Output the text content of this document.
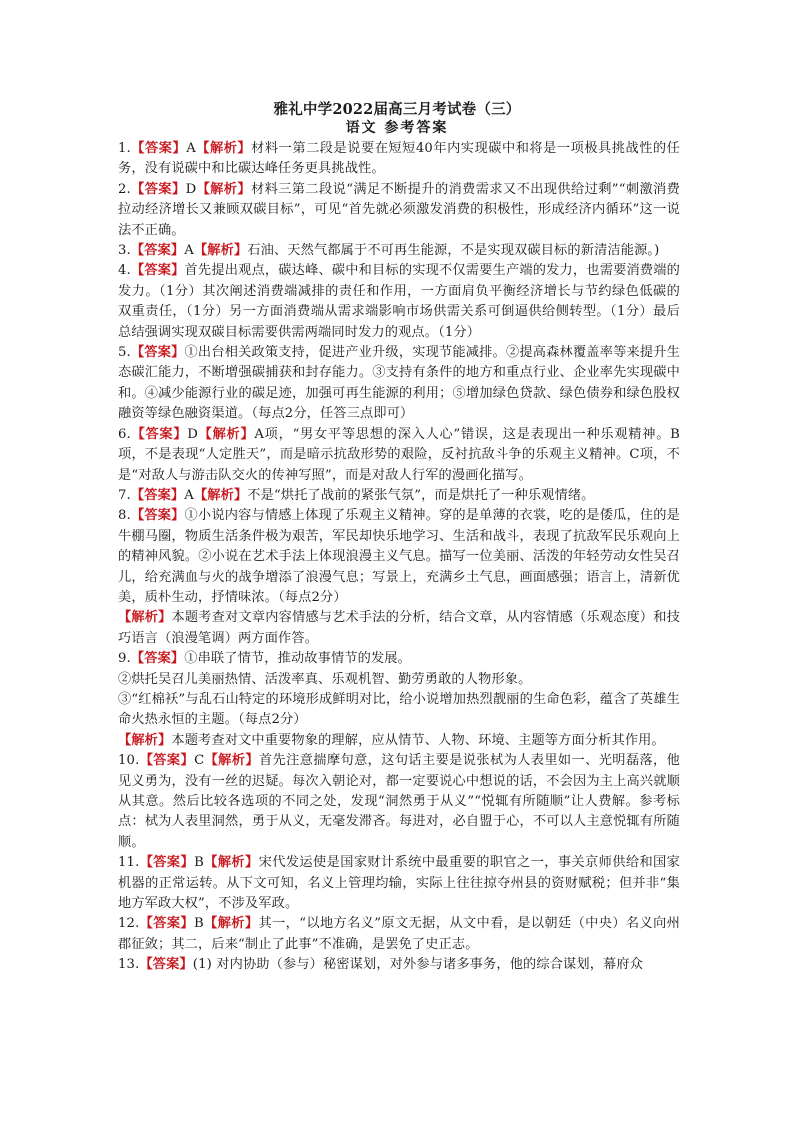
雅礼中学2022届高三月考试卷（三）
语文 参考答案

1.【答案】A【解析】材料一第二段是说要在短短40年内实现碳中和将是一项极具挑战性的任务，没有说碳中和比碳达峰任务更具挑战性。

2.【答案】D【解析】材料三第二段说“满足不断提升的消费需求又不出现供给过剩”“刺激消费拉动经济增长又兼顾双碳目标”，可见“首先就必须激发消费的积极性，形成经济内循环”这一说法不正确。

3.【答案】A【解析】石油、天然气都属于不可再生能源，不是实现双碳目标的新清洁能源。)

4.【答案】首先提出观点，碳达峰、碳中和目标的实现不仅需要生产端的发力，也需要消费端的发力。（1分）其次阐述消费端减排的责任和作用，一方面肩负平衡经济增长与节约绿色低碳的双重责任，（1分）另一方面消费端从需求端影响市场供需关系可倒逼供给侧转型。（1分）最后总结强调实现双碳目标需要供需两端同时发力的观点。（1分）

5.【答案】①出台相关政策支持，促进产业升级，实现节能减排。②提高森林覆盖率等来提升生态碳汇能力，不断增强碳捕获和封存能力。③支持有条件的地方和重点行业、企业率先实现碳中和。④减少能源行业的碳足迹，加强可再生能源的利用；⑤增加绿色贷款、绿色债券和绿色股权融资等绿色融资渠道。（每点2分，任答三点即可）

6.【答案】D【解析】A项，“男女平等思想的深入人心”错误，这是表现出一种乐观精神。B项，不是表现“人定胜天”，而是暗示抗敌形势的艰险，反衬抗敌斗争的乐观主义精神。C项，不是“对敌人与游击队交火的传神写照”，而是对敌人行军的漫画化描写。

7.【答案】A【解析】不是“烘托了战前的紧张气氛”，而是烘托了一种乐观情绪。

8.【答案】①小说内容与情感上体现了乐观主义精神。穿的是单薄的衣裳，吃的是倭瓜，住的是牛棚马圈，物质生活条件极为艰苦，军民却快乐地学习、生活和战斗，表现了抗敌军民乐观向上的精神风貌。②小说在艺术手法上体现浪漫主义气息。描写一位美丽、活泼的年轻劳动女性吴召儿，给充满血与火的战争增添了浪漫气息；写景上，充满乡土气息，画面感强；语言上，清新优美，质朴生动，抒情味浓。（每点2分）

【解析】本题考查对文章内容情感与艺术手法的分析，结合文章，从内容情感（乐观态度）和技巧语言（浪漫笔调）两方面作答。

9.【答案】①串联了情节，推动故事情节的发展。

②烘托吴召儿美丽热情、活泼率真、乐观机智、勤劳勇敢的人物形象。

③“红棉袄”与乱石山特定的环境形成鲜明对比，给小说增加热烈靓丽的生命色彩，蕴含了英雄生命火热永恒的主题。（每点2分）

【解析】本题考查对文中重要物象的理解，应从情节、人物、环境、主题等方面分析其作用。

10.【答案】C【解析】首先注意揣摩句意，这句话主要是说张栻为人表里如一、光明磊落，他见义勇为，没有一丝的迟疑。每次入朝论对，都一定要说心中想说的话，不会因为主上高兴就顺从其意。然后比较各选项的不同之处，发现“洞然勇于从义”“悦辄有所随顺”让人费解。参考标点：栻为人表里洞然，勇于从义，无毫发滞吝。每进对，必自盟于心，不可以人主意悦辄有所随顺。

11.【答案】B【解析】宋代发运使是国家财计系统中最重要的职官之一，事关京师供给和国家机器的正常运转。从下文可知，名义上管理均输，实际上往往掠夺州县的资财赋税；但并非“集地方军政大权”，不涉及军政。

12.【答案】B【解析】其一，“以地方名义”原文无据，从文中看，是以朝廷（中央）名义向州郡征敛；其二，后来“制止了此事”不准确，是罢免了史正志。

13.【答案】(1) 对内协助（参与）秘密谋划，对外参与诸多事务，他的综合谋划，幕府众
